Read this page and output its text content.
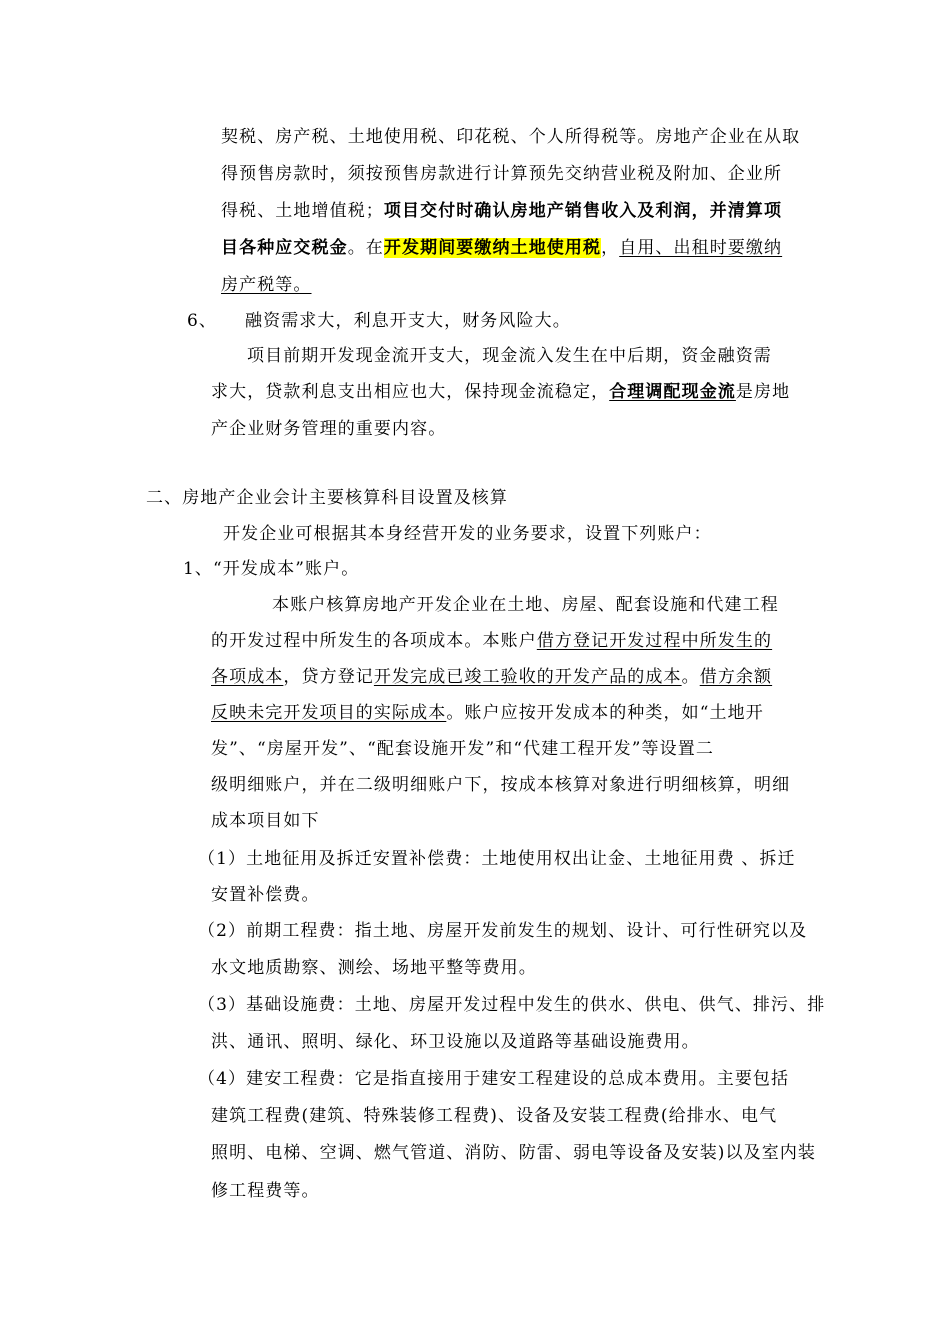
契税、房产税、土地使用税、印花税、个人所得税等。房地产企业在从取
得预售房款时，须按预售房款进行计算预先交纳营业税及附加、企业所
得税、土地增值税；项目交付时确认房地产销售收入及利润，并清算项
目各种应交税金。在开发期间要缴纳土地使用税，自用、出租时要缴纳
房产税等。
6、 融资需求大，利息开支大，财务风险大。
项目前期开发现金流开支大，现金流入发生在中后期，资金融资需
求大，贷款利息支出相应也大，保持现金流稳定，合理调配现金流是房地
产企业财务管理的重要内容。
二、房地产企业会计主要核算科目设置及核算
开发企业可根据其本身经营开发的业务要求，设置下列账户：
1、“开发成本”账户。
本账户核算房地产开发企业在土地、房屋、配套设施和代建工程
的开发过程中所发生的各项成本。本账户借方登记开发过程中所发生的
各项成本，贷方登记开发完成已竣工验收的开发产品的成本。借方余额
反映未完开发项目的实际成本。账户应按开发成本的种类，如“土地开
发”、“房屋开发”、“配套设施开发”和“代建工程开发”等设置二
级明细账户，并在二级明细账户下，按成本核算对象进行明细核算，明细
成本项目如下
（1）土地征用及拆迁安置补偿费：土地使用权出让金、土地征用费 、拆迁
安置补偿费。
（2）前期工程费：指土地、房屋开发前发生的规划、设计、可行性研究以及
水文地质勘察、测绘、场地平整等费用。
（3）基础设施费：土地、房屋开发过程中发生的供水、供电、供气、排污、排
洪、通讯、照明、绿化、环卫设施以及道路等基础设施费用。
（4）建安工程费：它是指直接用于建安工程建设的总成本费用。主要包括
建筑工程费(建筑、特殊装修工程费)、设备及安装工程费(给排水、电气
照明、电梯、空调、燃气管道、消防、防雷、弱电等设备及安装)以及室内装
修工程费等。
